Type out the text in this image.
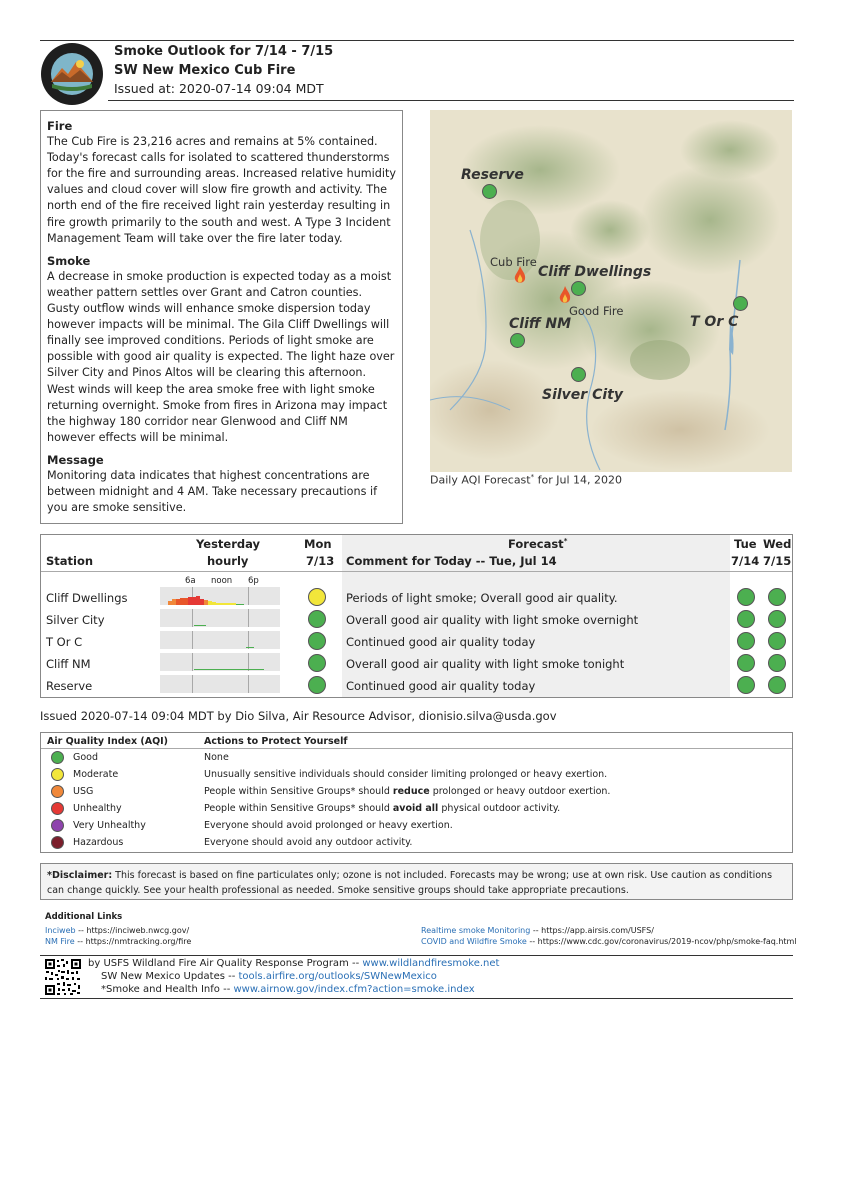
Smoke Outlook for 7/14 - 7/15
SW New Mexico Cub Fire
Issued at: 2020-07-14 09:04 MDT
Fire

The Cub Fire is 23,216 acres and remains at 5% contained. Today's forecast calls for isolated to scattered thunderstorms for the fire and surrounding areas. Increased relative humidity values and cloud cover will slow fire growth and activity. The north end of the fire received light rain yesterday resulting in fire growth primarily to the south and west. A Type 3 Incident Management Team will take over the fire later today.

Smoke

A decrease in smoke production is expected today as a moist weather pattern settles over Grant and Catron counties. Gusty outflow winds will enhance smoke dispersion today however impacts will be minimal. The Gila Cliff Dwellings will finally see improved conditions. Periods of light smoke are possible with good air quality is expected. The light haze over Silver City and Pinos Altos will be clearing this afternoon. West winds will keep the area smoke free with light smoke returning overnight. Smoke from fires in Arizona may impact the highway 180 corridor near Glenwood and Cliff NM however effects will be minimal.

Message

Monitoring data indicates that highest concentrations are between midnight and 4 AM. Take necessary precautions if you are smoke sensitive.

Reserve
Cub Fire
Cliff Dwellings
Good Fire
Cliff NM	T Or C
Silver City
Daily AQI Forecast* for Jul 14, 2020
Yesterday
hourly
Mon
7/13
Forecast*
Comment for Today -- Tue, Jul 14
Tue Wed
7/14 7/15
Station
6a noon 6p
Cliff Dwellings	Periods of light smoke; Overall good air quality.
Silver City	Overall good air quality with light smoke overnight
T Or C	Continued good air quality today
Cliff NM	Overall good air quality with light smoke tonight
Reserve	Continued good air quality today
Issued 2020-07-14 09:04 MDT by Dio Silva, Air Resource Advisor, dionisio.silva@usda.gov
Air Quality Index (AQI)	Actions to Protect Yourself
Good	None
Moderate	Unusually sensitive individuals should consider limiting prolonged or heavy exertion.
USG	People within Sensitive Groups* should reduce prolonged or heavy outdoor exertion.
Unhealthy	People within Sensitive Groups* should avoid all physical outdoor activity.
Very Unhealthy	Everyone should avoid prolonged or heavy exertion.
Hazardous	Everyone should avoid any outdoor activity.
*Disclaimer: This forecast is based on fine particulates only; ozone is not included. Forecasts may be wrong; use at own risk. Use caution as conditions can change quickly. See your health professional as needed. Smoke sensitive groups should take appropriate precautions.
Additional Links
Inciweb -- https://inciweb.nwcg.gov/
NM Fire -- https://nmtracking.org/fire
Realtime smoke Monitoring -- https://app.airsis.com/USFS/
COVID and Wildfire Smoke -- https://www.cdc.gov/coronavirus/2019-ncov/php/smoke-faq.html
by USFS Wildland Fire Air Quality Response Program -- www.wildlandfiresmoke.net
SW New Mexico Updates -- tools.airfire.org/outlooks/SWNewMexico
*Smoke and Health Info -- www.airnow.gov/index.cfm?action=smoke.index
